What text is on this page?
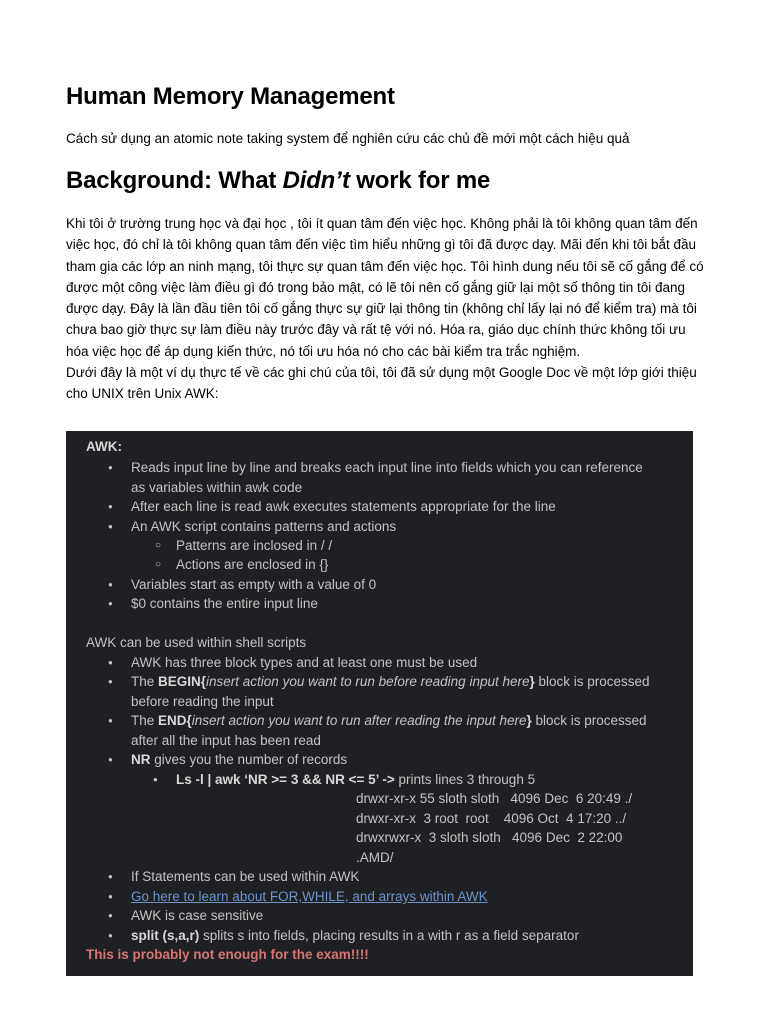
Human Memory Management
Cách sử dụng an atomic note taking system để nghiên cứu các chủ đề mới một cách hiệu quả
Background: What Didn’t work for me

Khi tôi ở trường trung học và đại học , tôi ít quan tâm đến việc học. Không phải là tôi không quan tâm đến việc học, đó chỉ là tôi không quan tâm đến việc tìm hiểu những gì tôi đã được dạy. Mãi đến khi tôi bắt đầu tham gia các lớp an ninh mạng, tôi thực sự quan tâm đến việc học. Tôi hình dung nếu tôi sẽ cố gắng để có được một công việc làm điều gì đó trong bảo mật, có lẽ tôi nên cố gắng giữ lại một số thông tin tôi đang được dạy. Đây là lần đầu tiên tôi cố gắng thực sự giữ lại thông tin (không chỉ lấy lại nó để kiểm tra) mà tôi chưa bao giờ thực sự làm điều này trước đây và rất tệ với nó. Hóa ra, giáo dục chính thức không tối ưu hóa việc học để áp dụng kiến thức, nó tối ưu hóa nó cho các bài kiểm tra trắc nghiệm.

Dưới đây là một ví dụ thực tế về các ghi chú của tôi, tôi đã sử dụng một Google Doc về một lớp giới thiệu cho UNIX trên Unix AWK:

AWK:
● Reads input line by line and breaks each input line into fields which you can reference
as variables within awk code
● After each line is read awk executes statements appropriate for the line
● An AWK script contains patterns and actions
○ Patterns are inclosed in / /
○ Actions are enclosed in {}
● Variables start as empty with a value of 0
● $0 contains the entire input line
AWK can be used within shell scripts
● AWK has three block types and at least one must be used
● The BEGIN{insert action you want to run before reading input here} block is processed
before reading the input
● The END{insert action you want to run after reading the input here} block is processed
after all the input has been read
● NR gives you the number of records
● Ls -l | awk ‘NR >= 3 && NR <= 5’ -> prints lines 3 through 5
drwxr-xr-x 55 sloth sloth   4096 Dec  6 20:49 ./
drwxr-xr-x  3 root  root    4096 Oct  4 17:20 ../
drwxrwxr-x  3 sloth sloth   4096 Dec  2 22:00
.AMD/
● If Statements can be used within AWK
● Go here to learn about FOR,WHILE, and arrays within AWK
● AWK is case sensitive
● split (s,a,r) splits s into fields, placing results in a with r as a field separator
This is probably not enough for the exam!!!!
